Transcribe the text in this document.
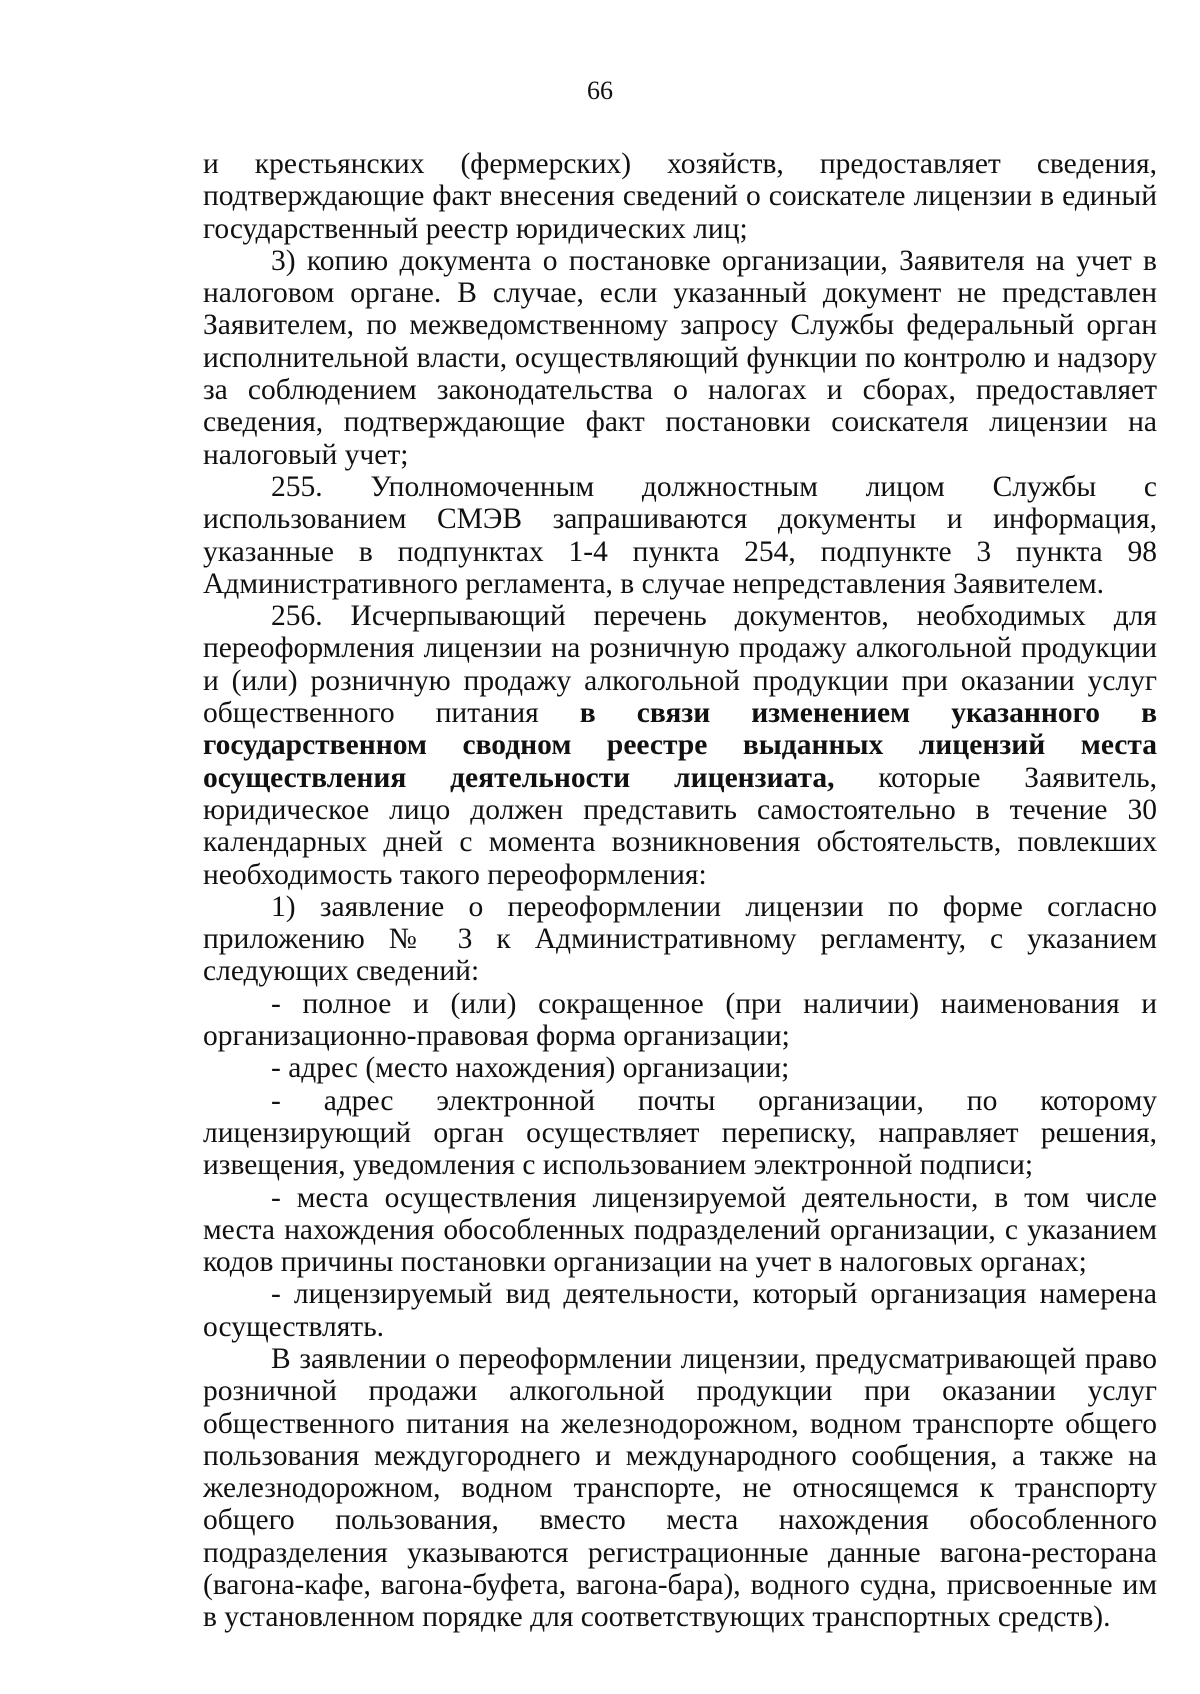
66

и крестьянских (фермерских) хозяйств, предоставляет сведения, подтверждающие факт внесения сведений о соискателе лицензии в единый государственный реестр юридических лиц;

3) копию документа о постановке организации, Заявителя на учет в налоговом органе. В случае, если указанный документ не представлен Заявителем, по межведомственному запросу Службы федеральный орган исполнительной власти, осуществляющий функции по контролю и надзору за соблюдением законодательства о налогах и сборах, предоставляет сведения, подтверждающие факт постановки соискателя лицензии на налоговый учет;

255. Уполномоченным должностным лицом Службы с использованием СМЭВ запрашиваются документы и информация, указанные в подпунктах 1-4 пункта 254, подпункте 3 пункта 98 Административного регламента, в случае непредставления Заявителем.

256. Исчерпывающий перечень документов, необходимых для переоформления лицензии на розничную продажу алкогольной продукции и (или) розничную продажу алкогольной продукции при оказании услуг общественного питания в связи изменением указанного в государственном сводном реестре выданных лицензий места осуществления деятельности лицензиата, которые Заявитель, юридическое лицо должен представить самостоятельно в течение 30 календарных дней с момента возникновения обстоятельств, повлекших необходимость такого переоформления:

1) заявление о переоформлении лицензии по форме согласно приложению № 3 к Административному регламенту, с указанием следующих сведений:

- полное и (или) сокращенное (при наличии) наименования и организационно-правовая форма организации;

- адрес (место нахождения) организации;

- адрес электронной почты организации, по которому лицензирующий орган осуществляет переписку, направляет решения, извещения, уведомления с использованием электронной подписи;

- места осуществления лицензируемой деятельности, в том числе места нахождения обособленных подразделений организации, с указанием кодов причины постановки организации на учет в налоговых органах;

- лицензируемый вид деятельности, который организация намерена осуществлять.

В заявлении о переоформлении лицензии, предусматривающей право розничной продажи алкогольной продукции при оказании услуг общественного питания на железнодорожном, водном транспорте общего пользования междугороднего и международного сообщения, а также на железнодорожном, водном транспорте, не относящемся к транспорту общего пользования, вместо места нахождения обособленного подразделения указываются регистрационные данные вагона-ресторана (вагона-кафе, вагона-буфета, вагона-бара), водного судна, присвоенные им в установленном порядке для соответствующих транспортных средств).
